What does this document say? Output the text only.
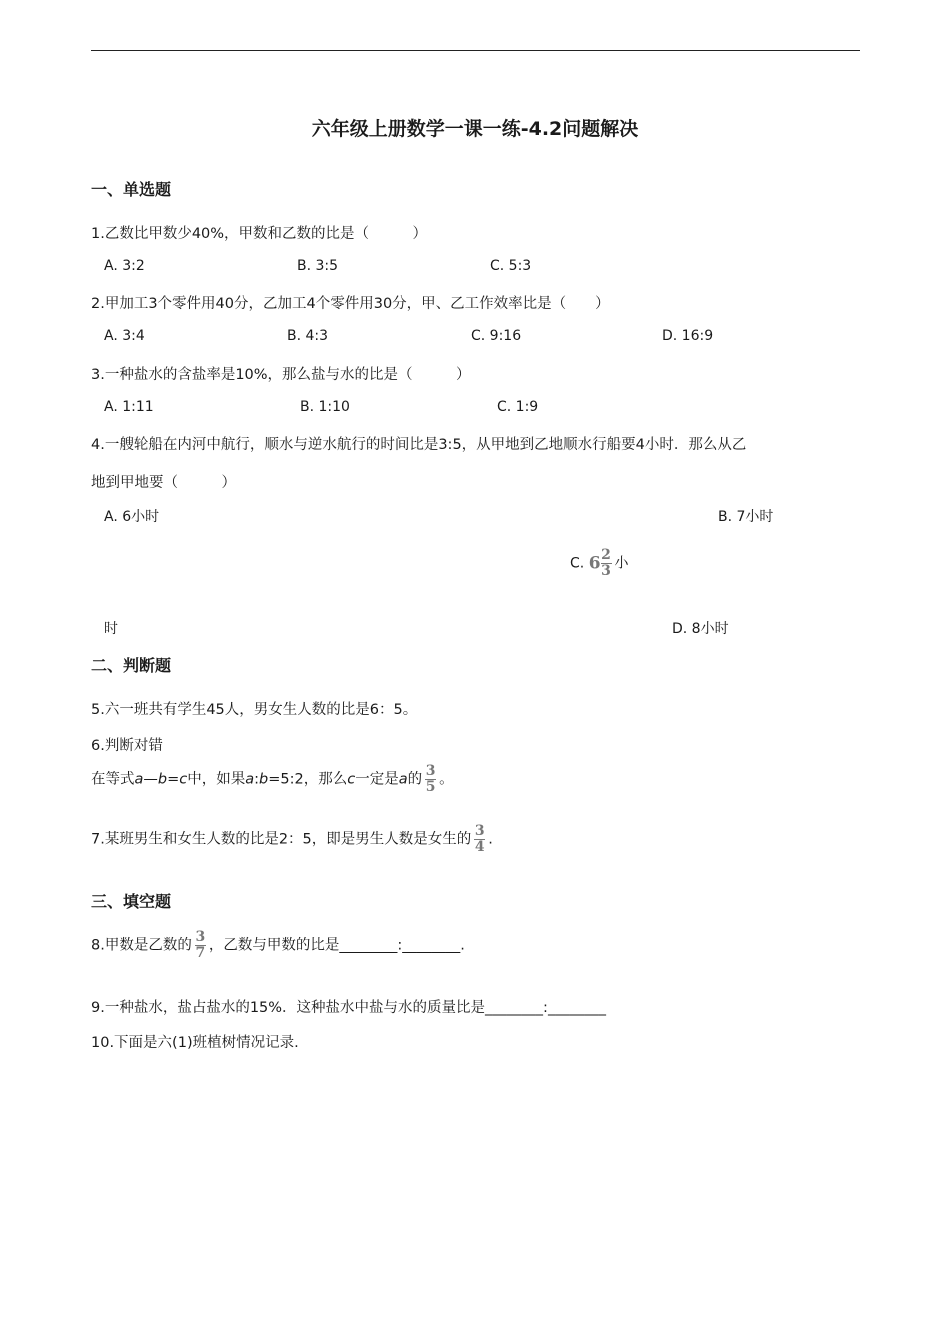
六年级上册数学一课一练-4.2问题解决
一、单选题
1.乙数比甲数少40%，甲数和乙数的比是（　　　）
A. 3:2	B. 3:5	C. 5:3
2.甲加工3个零件用40分，乙加工4个零件用30分，甲、乙工作效率比是（　　）
A. 3:4	B. 4:3	C. 9:16	D. 16:9
3.一种盐水的含盐率是10%，那么盐与水的比是（　　　）
A. 1:11	B. 1:10	C. 1:9
4.一艘轮船在内河中航行，顺水与逆水航行的时间比是3:5，从甲地到乙地顺水行船要4小时．那么从乙
地到甲地要（　　　）
A. 6小时	B. 7小时
C. $6 \frac{2}{3}$ 小
时	D. 8小时
二、判断题
5.六一班共有学生45人，男女生人数的比是6：5。
6.判断对错
在等式a—b=c中，如果a:b=5:2，那么c一定是a的 $\frac{3}{5}$ 。
7.某班男生和女生人数的比是2：5，即是男生人数是女生的 $\frac{3}{4}$ .
三、填空题
8.甲数是乙数的 $\frac{3}{7}$ ，乙数与甲数的比是________:________.
9.一种盐水，盐占盐水的15%．这种盐水中盐与水的质量比是________:________
10.下面是六(1)班植树情况记录.
